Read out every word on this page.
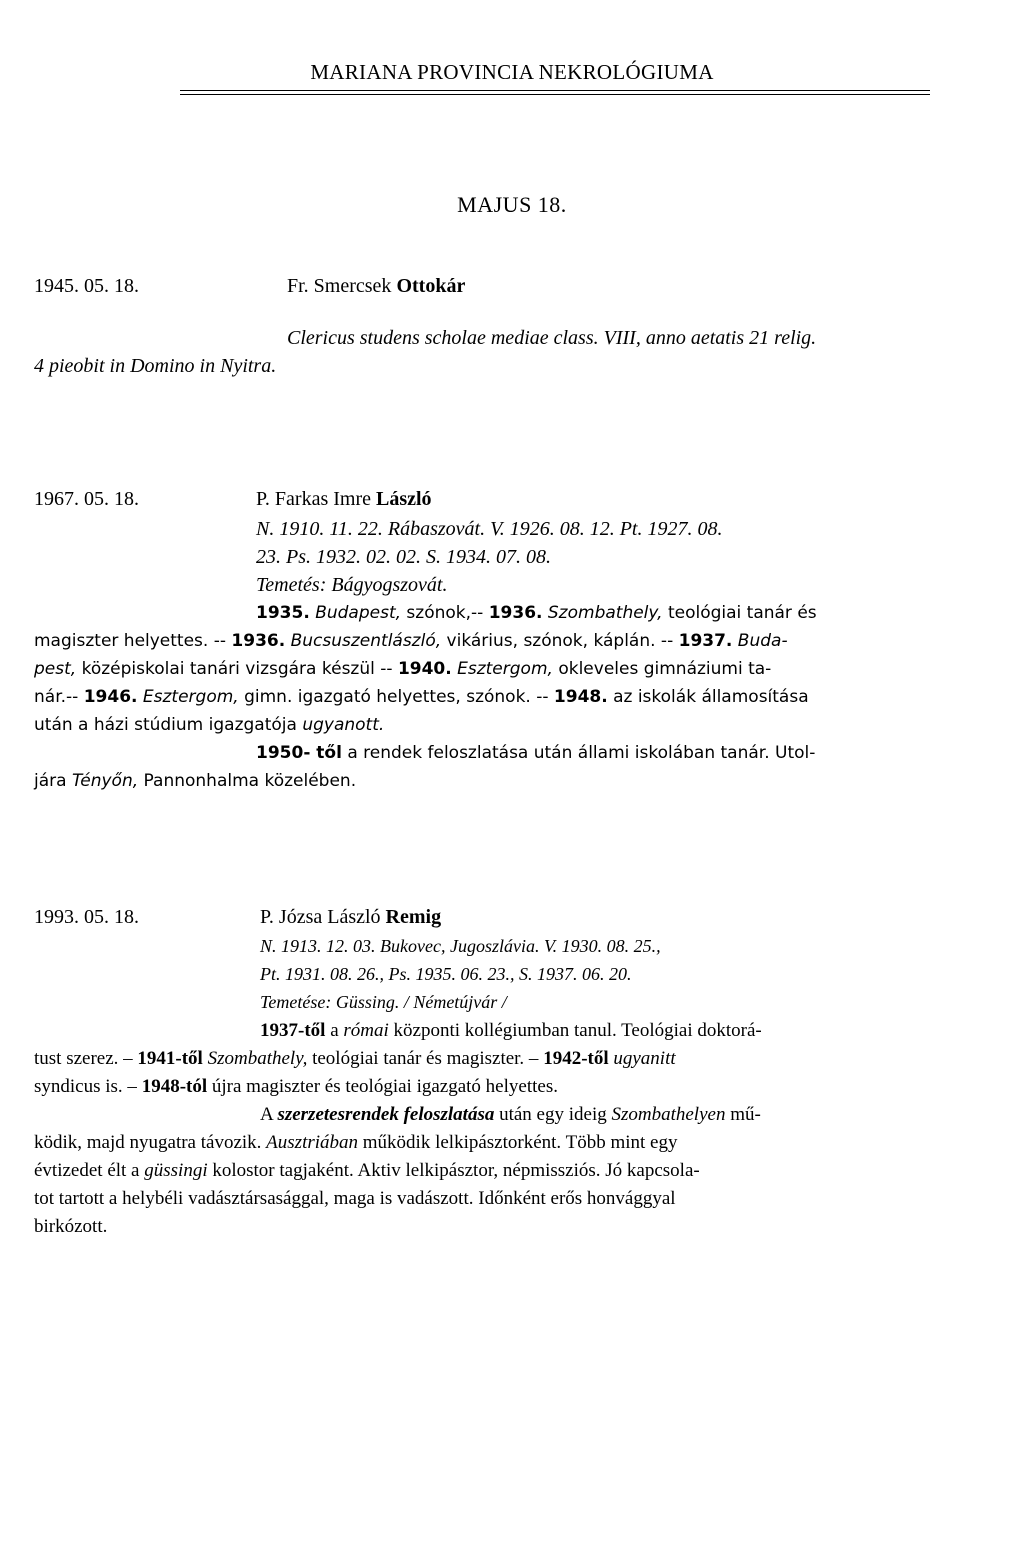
MARIANA PROVINCIA NEKROLÓGIUMA
MAJUS 18.
1945. 05. 18.	Fr. Smercsek Ottokár
Clericus studens scholae mediae class. VIII, anno aetatis 21 relig.
4 pieobit in Domino in Nyitra.
1967. 05. 18.	P. Farkas Imre László
N. 1910. 11. 22. Rábaszovát. V. 1926. 08. 12. Pt. 1927. 08.
23. Ps. 1932. 02. 02. S. 1934. 07. 08.
Temetés: Bágyogszovát.
1935. Budapest, szónok,-- 1936. Szombathely, teológiai tanár és
magiszter helyettes. -- 1936. Bucsuszentlászló, vikárius, szónok, káplán. -- 1937. Buda-
pest, középiskolai tanári vizsgára készül -- 1940. Esztergom, okleveles gimnáziumi ta-
nár.-- 1946. Esztergom, gimn. igazgató helyettes, szónok. -- 1948. az iskolák államosítása
után a házi stúdium igazgatója ugyanott.
1950- től a rendek feloszlatása után állami iskolában tanár. Utol-
jára Tényőn, Pannonhalma közelében.
1993. 05. 18.	P. Józsa László Remig
N. 1913. 12. 03. Bukovec, Jugoszlávia. V. 1930. 08. 25.,
Pt. 1931. 08. 26., Ps. 1935. 06. 23., S. 1937. 06. 20.
Temetése: Güssing. / Németújvár /
1937-től a római központi kollégiumban tanul. Teológiai doktorá-
tust szerez. – 1941-től Szombathely, teológiai tanár és magiszter. – 1942-től ugyanitt
syndicus is. – 1948-tól újra magiszter és teológiai igazgató helyettes.
A szerzetesrendek feloszlatása után egy ideig Szombathelyen mű-
ködik, majd nyugatra távozik. Ausztriában működik lelkipásztorként. Több mint egy
évtizedet élt a güssingi kolostor tagjaként. Aktiv lelkipásztor, népmissziós. Jó kapcsola-
tot tartott a helybéli vadásztársasággal, maga is vadászott. Időnként erős honvággyal
birkózott.
